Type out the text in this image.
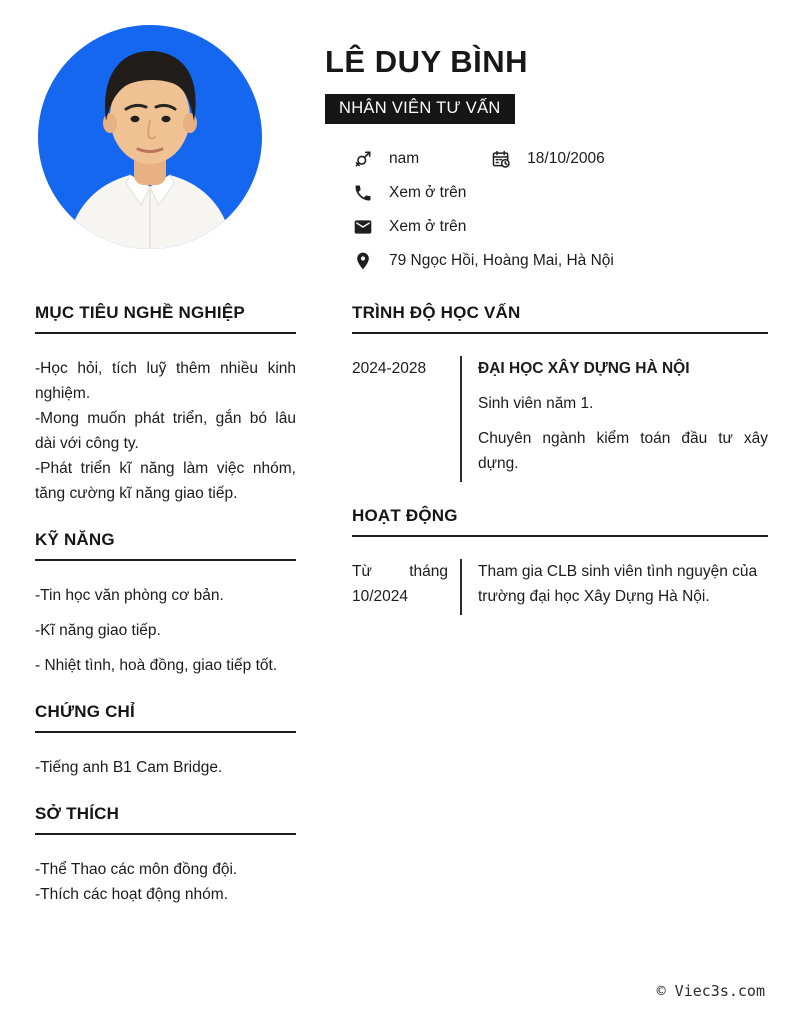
LÊ DUY BÌNH
NHÂN VIÊN TƯ VẤN
nam	18/10/2006
Xem ở trên
Xem ở trên
79 Ngọc Hồi, Hoàng Mai, Hà Nội
MỤC TIÊU NGHỀ NGHIỆP

-Học hỏi, tích luỹ thêm nhiều kinh nghiệm.

-Mong muốn phát triển, gắn bó lâu dài với công ty.

-Phát triển kĩ năng làm việc nhóm, tăng cường kĩ năng giao tiếp.

KỸ NĂNG

-Tin học văn phòng cơ bản.

-Kĩ năng giao tiếp.

- Nhiệt tình, hoà đồng, giao tiếp tốt.

CHỨNG CHỈ

-Tiếng anh B1 Cam Bridge.

SỞ THÍCH

-Thể Thao các môn đồng đội.

-Thích các hoạt động nhóm.

TRÌNH ĐỘ HỌC VẤN
2024-2028	ĐẠI HỌC XÂY DỰNG HÀ NỘI

Sinh viên năm 1.

Chuyên ngành kiểm toán đầu tư xây dựng.

HOẠT ĐỘNG
Từ tháng 10/2024

Tham gia CLB sinh viên tình nguyện của trường đại học Xây Dựng Hà Nội.

© Viec3s.com
